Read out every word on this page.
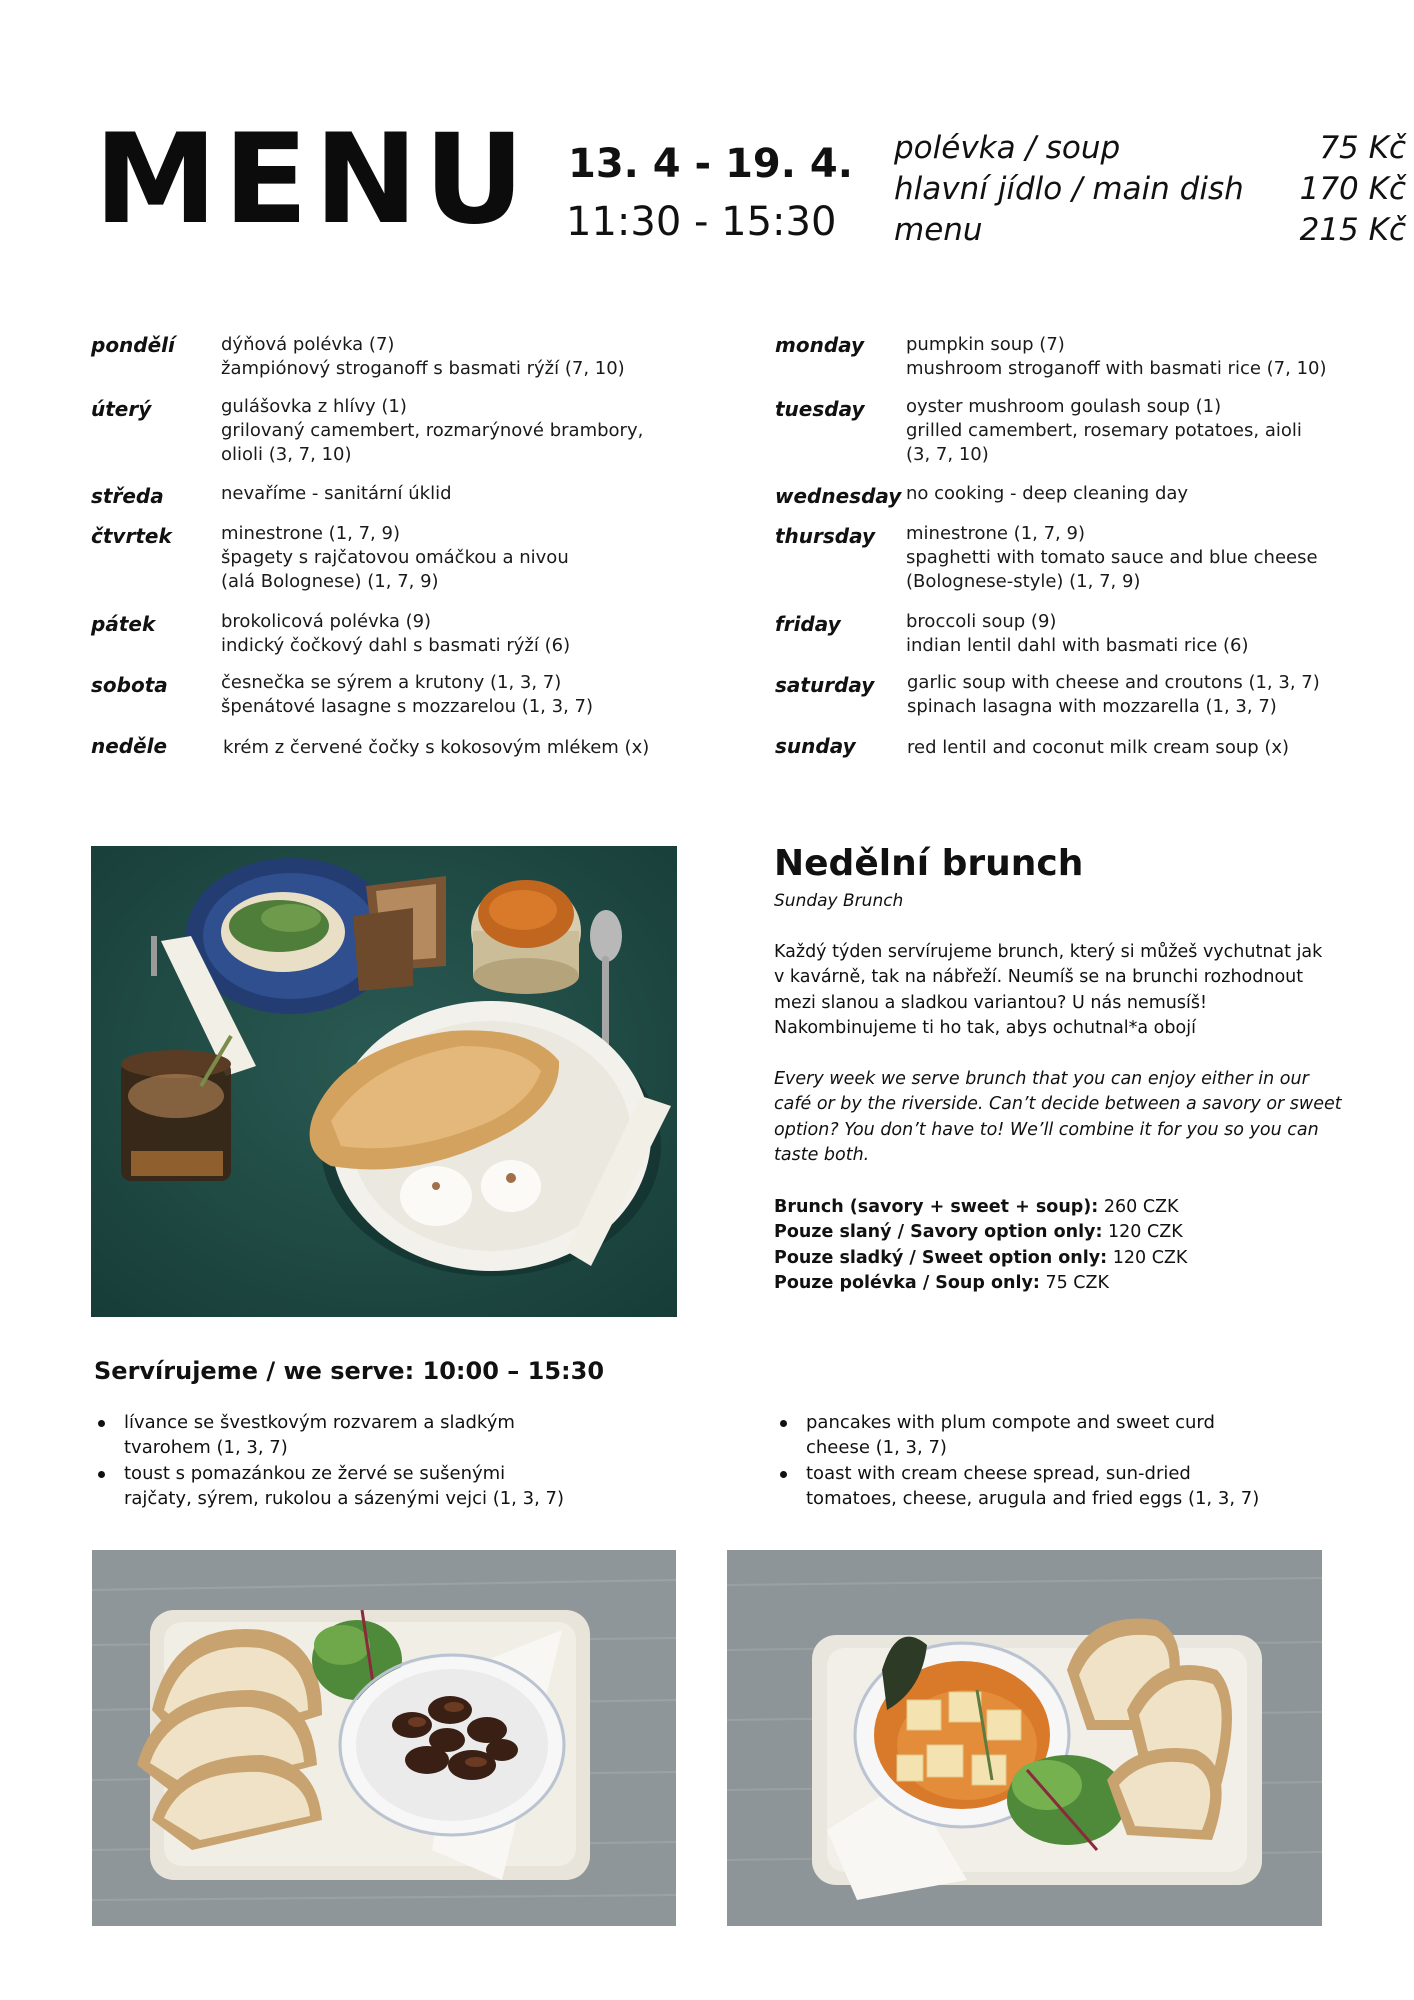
MENU 13. 4 - 19. 4.
11:30 - 15:30
polévka / soup	75 Kč
hlavní jídlo / main dish 170 Kč
menu	215 Kč
pondělí	dýňová polévka (7)
žampiónový stroganoff s basmati rýží (7, 10)
úterý	gulášovka z hlívy (1)
grilovaný camembert, rozmarýnové brambory,
olioli (3, 7, 10)
středa	nevaříme - sanitární úklid
čtvrtek	minestrone (1, 7, 9)
špagety s rajčatovou omáčkou a nivou
(alá Bolognese) (1, 7, 9)
pátek	brokolicová polévka (9)
indický čočkový dahl s basmati rýží (6)
sobota	česnečka se sýrem a krutony (1, 3, 7)
špenátové lasagne s mozzarelou (1, 3, 7)
neděle	krém z červené čočky s kokosovým mlékem (x)
monday pumpkin soup (7)
mushroom stroganoff with basmati rice (7, 10)
tuesday oyster mushroom goulash soup (1)
grilled camembert, rosemary potatoes, aioli
(3, 7, 10)
wednesday no cooking - deep cleaning day
thursday minestrone (1, 7, 9)
spaghetti with tomato sauce and blue cheese
(Bolognese-style) (1, 7, 9)
friday	broccoli soup (9)
indian lentil dahl with basmati rice (6)
saturday garlic soup with cheese and croutons (1, 3, 7)
spinach lasagna with mozzarella (1, 3, 7)
sunday	red lentil and coconut milk cream soup (x)
Nedělní brunch
Sunday Brunch
Každý týden servírujeme brunch, který si můžeš vychutnat jak
v kavárně, tak na nábřeží. Neumíš se na brunchi rozhodnout
mezi slanou a sladkou variantou? U nás nemusíš!
Nakombinujeme ti ho tak, abys ochutnal*a obojí
Every week we serve brunch that you can enjoy either in our
café or by the riverside. Can’t decide between a savory or sweet
option? You don’t have to! We’ll combine it for you so you can
taste both.
Brunch (savory + sweet + soup): 260 CZK
Pouze slaný / Savory option only: 120 CZK
Pouze sladký / Sweet option only: 120 CZK
Pouze polévka / Soup only: 75 CZK
Servírujeme / we serve: 10:00 – 15:30
lívance se švestkovým rozvarem a sladkým
tvarohem (1, 3, 7)
toust s pomazánkou ze žervé se sušenými
rajčaty, sýrem, rukolou a sázenými vejci (1, 3, 7)
pancakes with plum compote and sweet curd
cheese (1, 3, 7)
toast with cream cheese spread, sun-dried
tomatoes, cheese, arugula and fried eggs (1, 3, 7)
